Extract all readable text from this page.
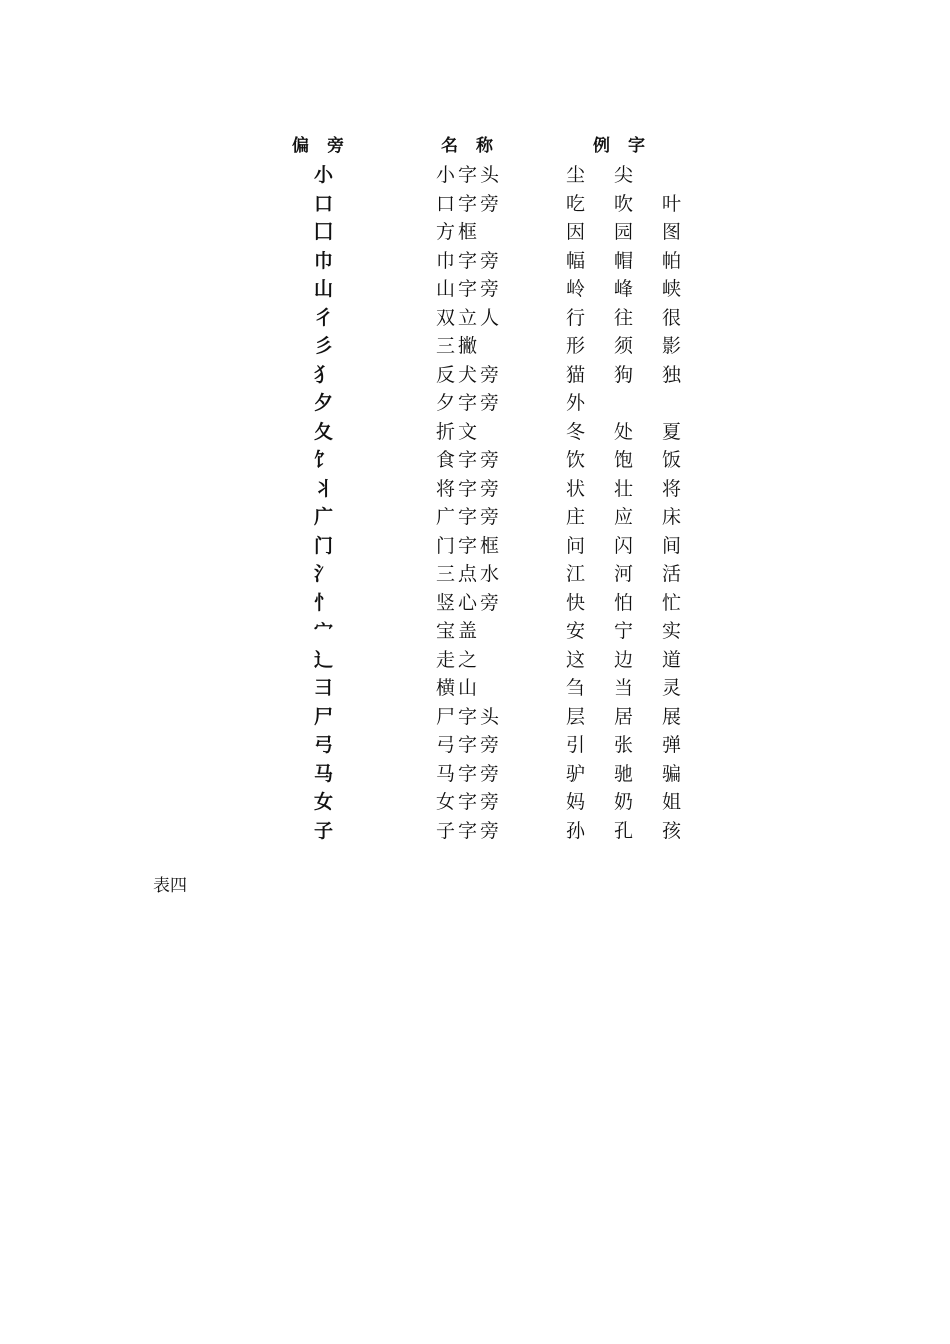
偏旁	名称	例字
小	小字头	尘 尖
口	口字旁	吃 吹 叶
囗	方框	因 园 图
巾	巾字旁	幅 帽 帕
山	山字旁	岭 峰 峡
彳	双立人	行 往 很
彡	三撇	形 须 影
犭	反犬旁	猫 狗 独
夕	夕字旁	外
夂	折文	冬 处 夏
饣	食字旁	饮 饱 饭
丬	将字旁	状 壮 将
广	广字旁	庄 应 床
门	门字框	问 闪 间
氵	三点水	江 河 活
忄	竖心旁	快 怕 忙
宀	宝盖	安 宁 实
辶	走之	这 边 道
彐	横山	刍 当 灵
尸	尸字头	层 居 展
弓	弓字旁	引 张 弹
马	马字旁	驴 驰 骗
女	女字旁	妈 奶 姐
子	子字旁	孙 孔 孩
表四
